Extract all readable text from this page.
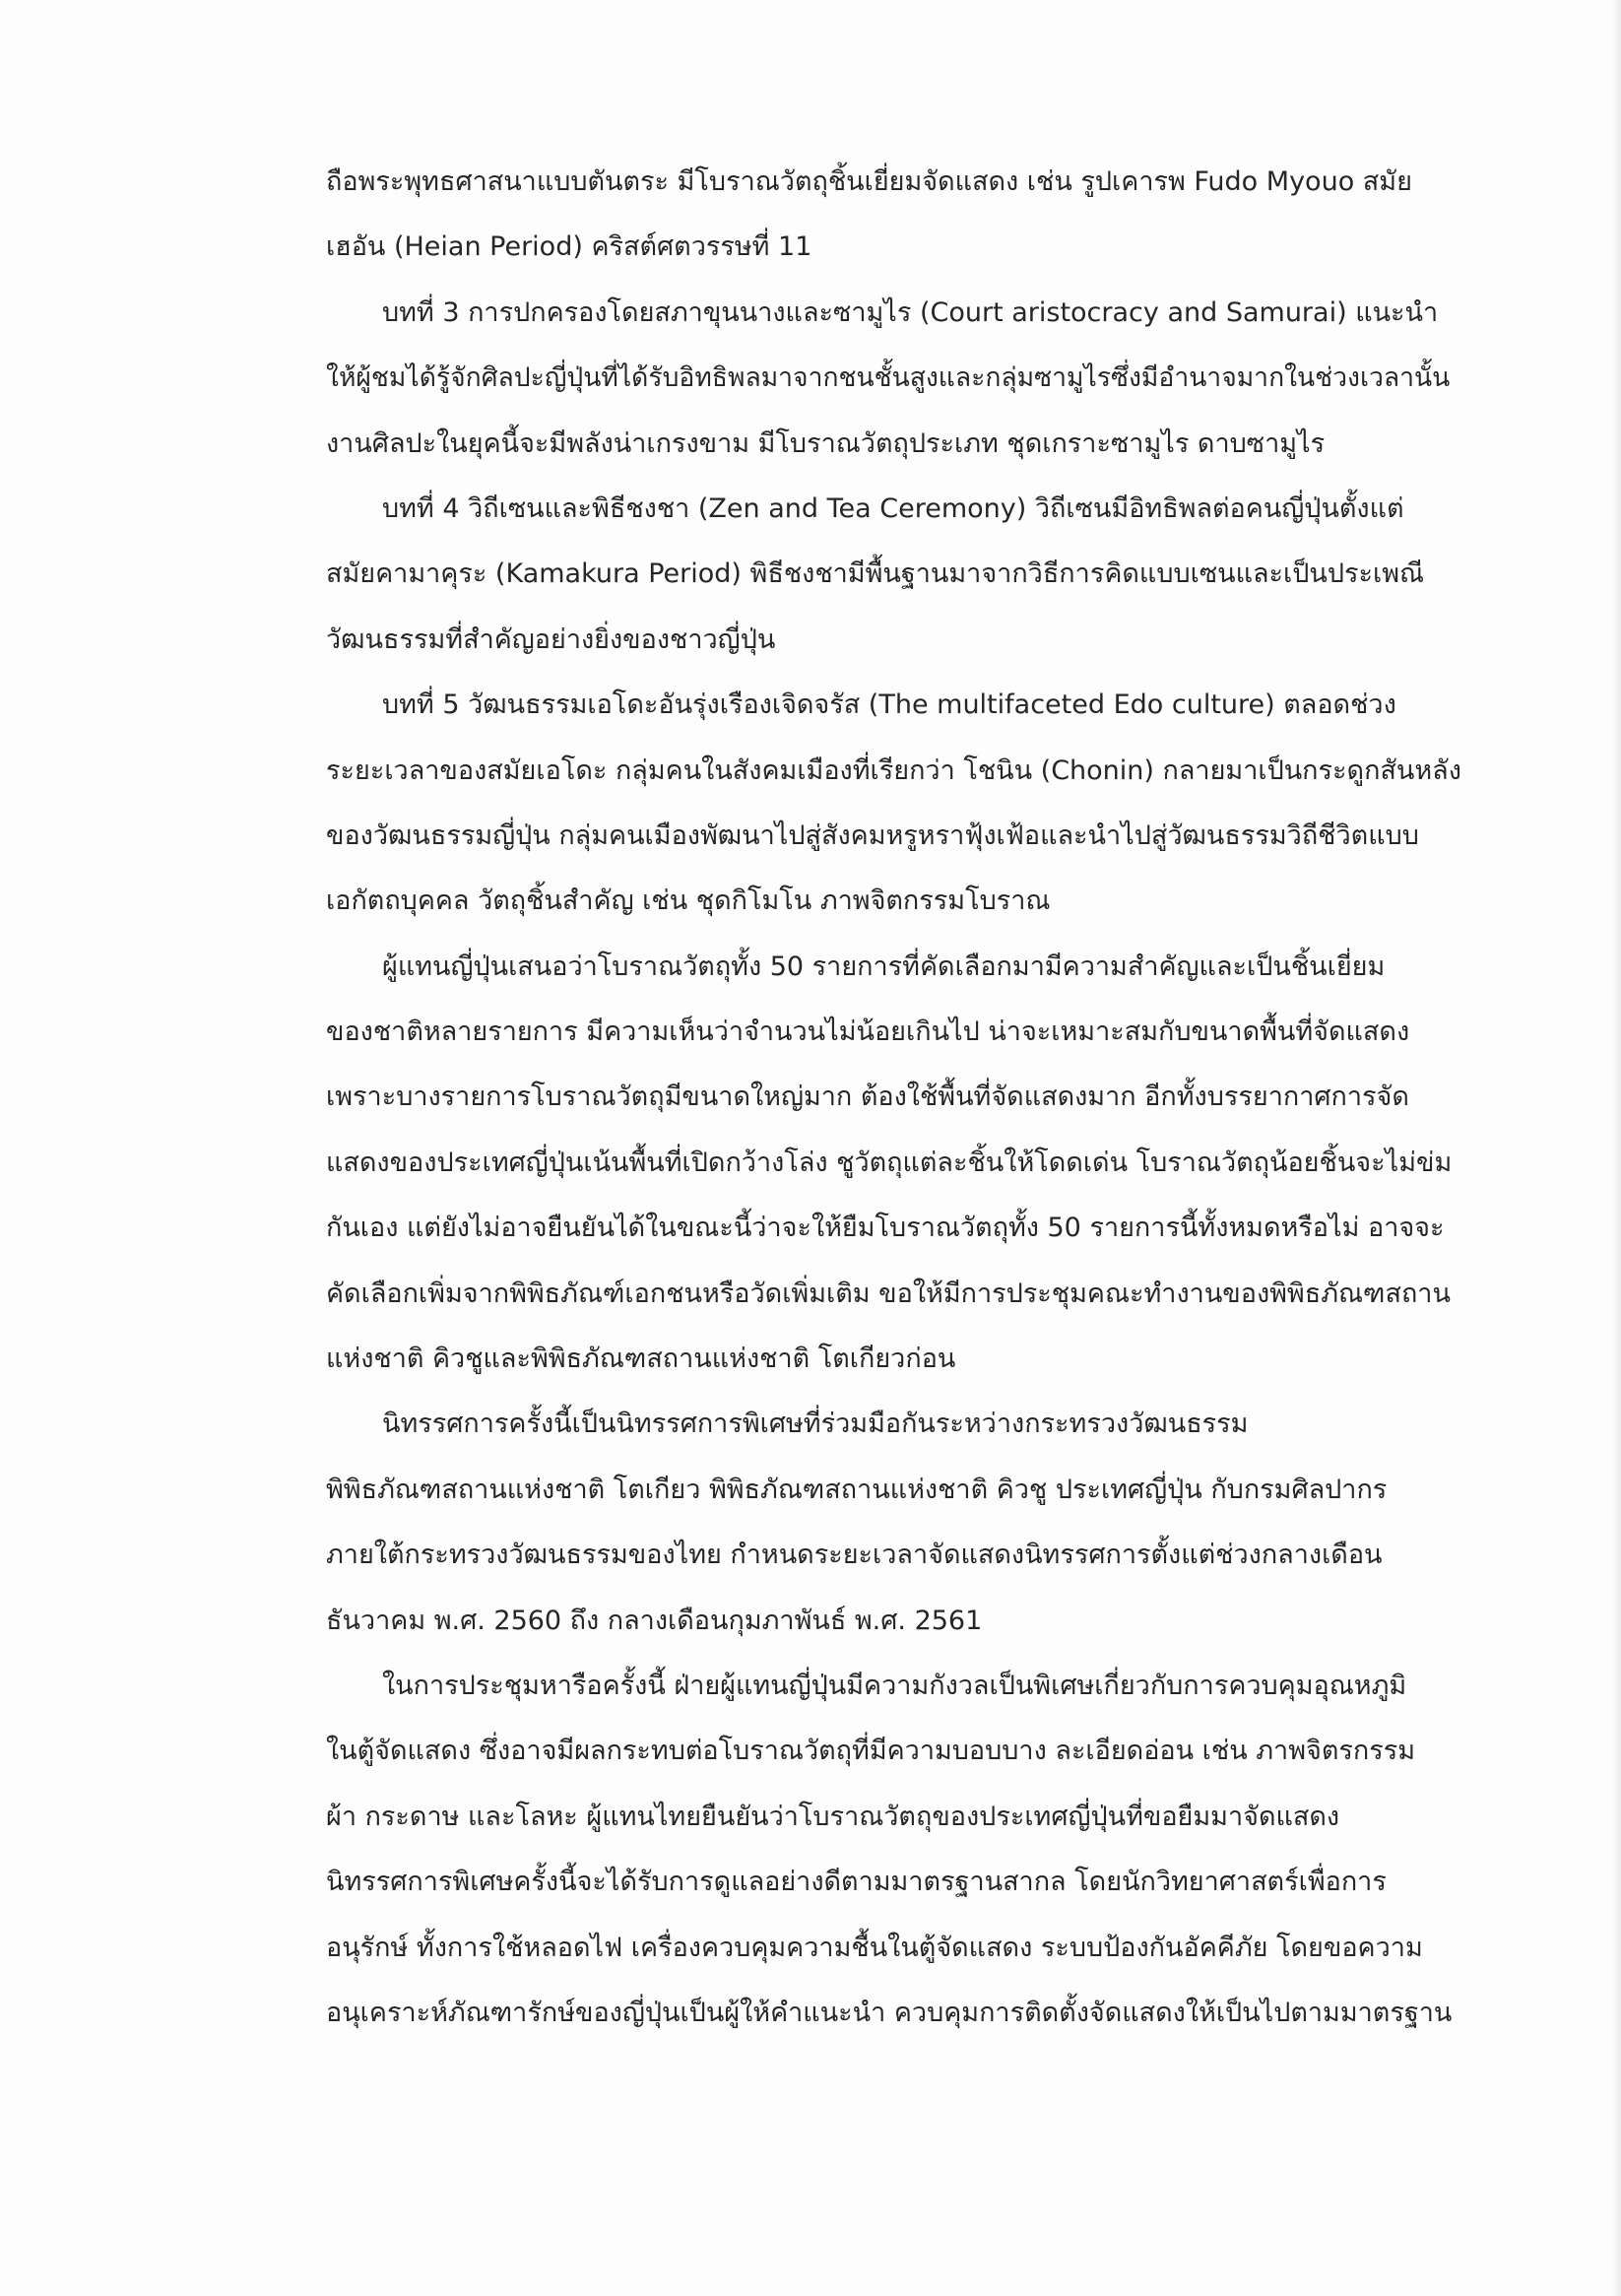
ถือพระพุทธศาสนาแบบตันตระ มีโบราณวัตถุชิ้นเยี่ยมจัดแสดง เช่น รูปเคารพ Fudo Myouo สมัย
เฮอัน (Heian Period) คริสต์ศตวรรษที่ 11
บทที่ 3 การปกครองโดยสภาขุนนางและซามูไร (Court aristocracy and Samurai) แนะนำ
ให้ผู้ชมได้รู้จักศิลปะญี่ปุ่นที่ได้รับอิทธิพลมาจากชนชั้นสูงและกลุ่มซามูไรซึ่งมีอำนาจมากในช่วงเวลานั้น
งานศิลปะในยุคนี้จะมีพลังน่าเกรงขาม มีโบราณวัตถุประเภท ชุดเกราะซามูไร ดาบซามูไร
บทที่ 4 วิถีเซนและพิธีชงชา (Zen and Tea Ceremony) วิถีเซนมีอิทธิพลต่อคนญี่ปุ่นตั้งแต่
สมัยคามาคุระ (Kamakura Period) พิธีชงชามีพื้นฐานมาจากวิธีการคิดแบบเซนและเป็นประเพณี
วัฒนธรรมที่สำคัญอย่างยิ่งของชาวญี่ปุ่น
บทที่ 5 วัฒนธรรมเอโดะอันรุ่งเรืองเจิดจรัส (The multifaceted Edo culture) ตลอดช่วง
ระยะเวลาของสมัยเอโดะ กลุ่มคนในสังคมเมืองที่เรียกว่า โชนิน (Chonin) กลายมาเป็นกระดูกสันหลัง
ของวัฒนธรรมญี่ปุ่น กลุ่มคนเมืองพัฒนาไปสู่สังคมหรูหราฟุ้งเฟ้อและนำไปสู่วัฒนธรรมวิถีชีวิตแบบ
เอกัตถบุคคล วัตถุชิ้นสำคัญ เช่น ชุดกิโมโน ภาพจิตกรรมโบราณ
ผู้แทนญี่ปุ่นเสนอว่าโบราณวัตถุทั้ง 50 รายการที่คัดเลือกมามีความสำคัญและเป็นชิ้นเยี่ยม
ของชาติหลายรายการ มีความเห็นว่าจำนวนไม่น้อยเกินไป น่าจะเหมาะสมกับขนาดพื้นที่จัดแสดง
เพราะบางรายการโบราณวัตถุมีขนาดใหญ่มาก ต้องใช้พื้นที่จัดแสดงมาก อีกทั้งบรรยากาศการจัด
แสดงของประเทศญี่ปุ่นเน้นพื้นที่เปิดกว้างโล่ง ชูวัตถุแต่ละชิ้นให้โดดเด่น โบราณวัตถุน้อยชิ้นจะไม่ข่ม
กันเอง แต่ยังไม่อาจยืนยันได้ในขณะนี้ว่าจะให้ยืมโบราณวัตถุทั้ง 50 รายการนี้ทั้งหมดหรือไม่ อาจจะ
คัดเลือกเพิ่มจากพิพิธภัณฑ์เอกชนหรือวัดเพิ่มเติม ขอให้มีการประชุมคณะทำงานของพิพิธภัณฑสถาน
แห่งชาติ คิวชูและพิพิธภัณฑสถานแห่งชาติ โตเกียวก่อน
นิทรรศการครั้งนี้เป็นนิทรรศการพิเศษที่ร่วมมือกันระหว่างกระทรวงวัฒนธรรม
พิพิธภัณฑสถานแห่งชาติ โตเกียว พิพิธภัณฑสถานแห่งชาติ คิวชู ประเทศญี่ปุ่น กับกรมศิลปากร
ภายใต้กระทรวงวัฒนธรรมของไทย กำหนดระยะเวลาจัดแสดงนิทรรศการตั้งแต่ช่วงกลางเดือน
ธันวาคม พ.ศ. 2560 ถึง กลางเดือนกุมภาพันธ์ พ.ศ. 2561
ในการประชุมหารือครั้งนี้ ฝ่ายผู้แทนญี่ปุ่นมีความกังวลเป็นพิเศษเกี่ยวกับการควบคุมอุณหภูมิ
ในตู้จัดแสดง ซึ่งอาจมีผลกระทบต่อโบราณวัตถุที่มีความบอบบาง ละเอียดอ่อน เช่น ภาพจิตรกรรม
ผ้า กระดาษ และโลหะ ผู้แทนไทยยืนยันว่าโบราณวัตถุของประเทศญี่ปุ่นที่ขอยืมมาจัดแสดง
นิทรรศการพิเศษครั้งนี้จะได้รับการดูแลอย่างดีตามมาตรฐานสากล โดยนักวิทยาศาสตร์เพื่อการ
อนุรักษ์ ทั้งการใช้หลอดไฟ เครื่องควบคุมความชื้นในตู้จัดแสดง ระบบป้องกันอัคคีภัย โดยขอความ
อนุเคราะห์ภัณฑารักษ์ของญี่ปุ่นเป็นผู้ให้คำแนะนำ ควบคุมการติดตั้งจัดแสดงให้เป็นไปตามมาตรฐาน
